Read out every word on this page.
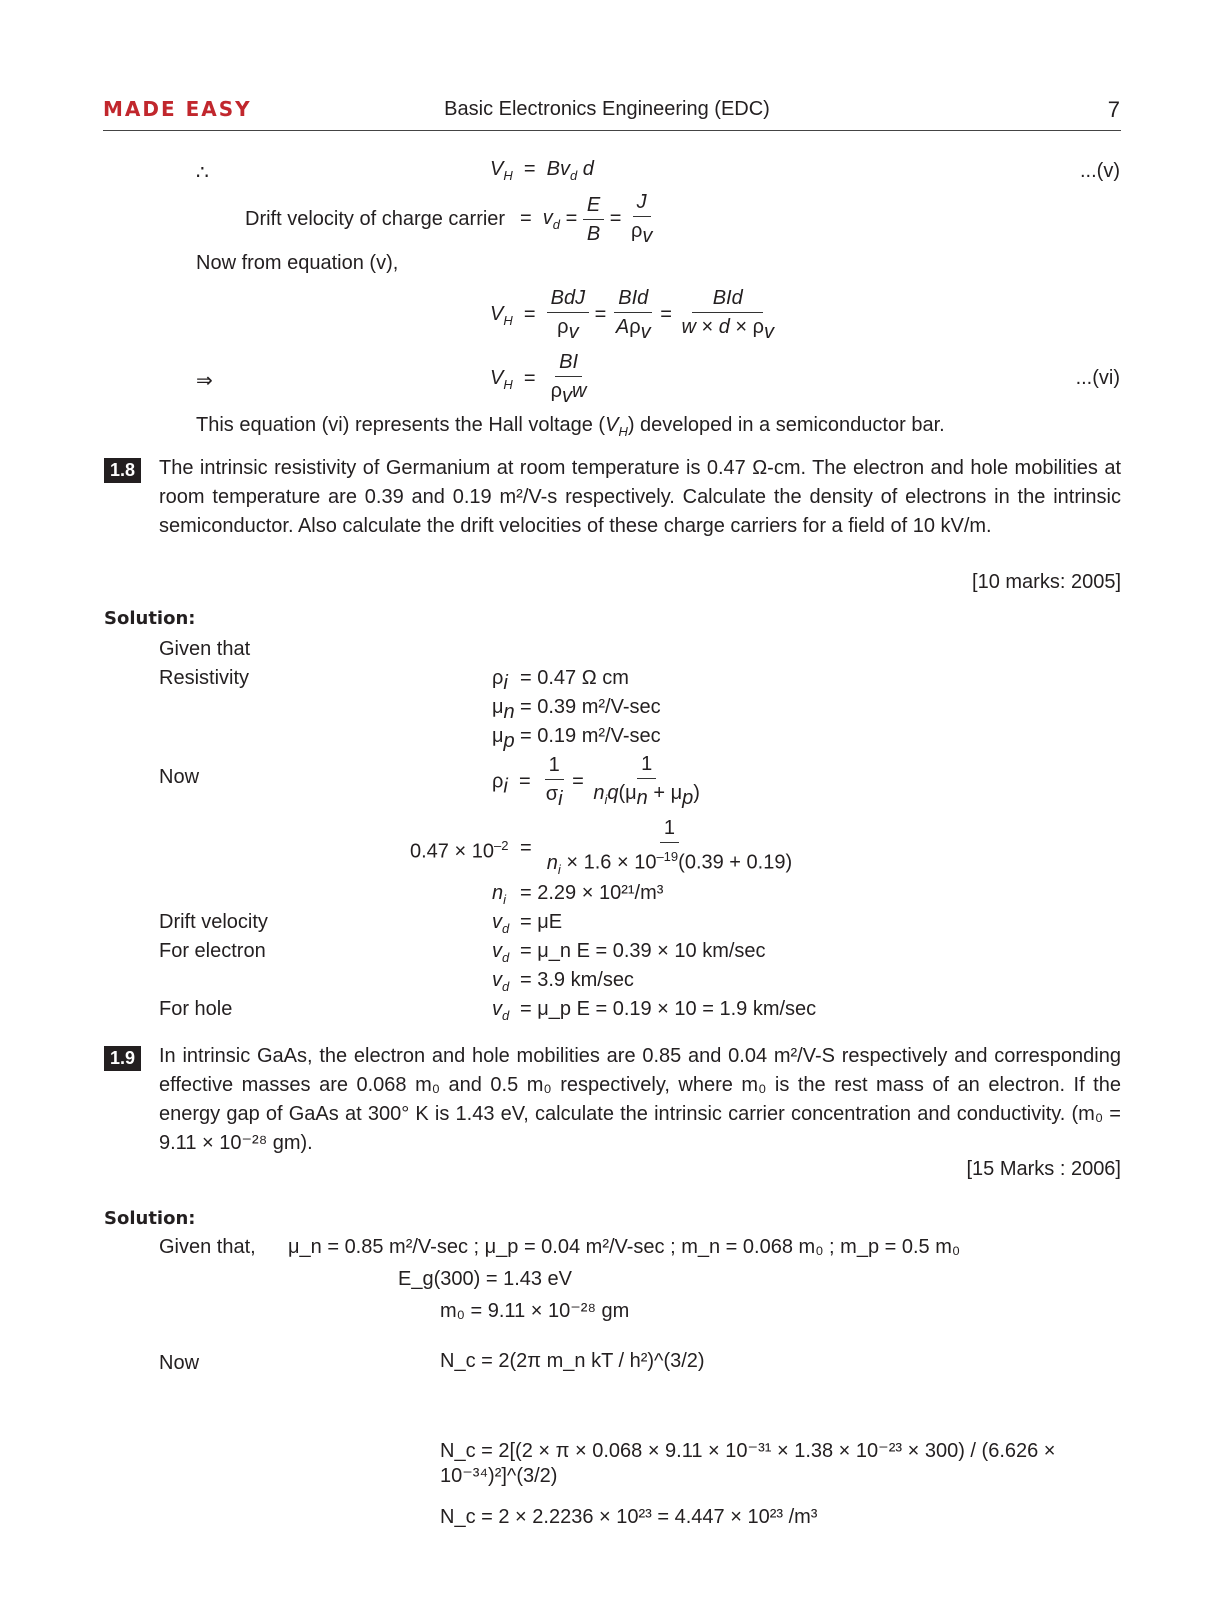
MADE EASY	Basic Electronics Engineering (EDC)	7
∴	$V_H = Bv_d$ d	...(v)
Drift velocity of charge carrier =  $v_d = \frac{E}{B} = \frac{J}{\rho_v}$
Now from equation (v),
$V_H = \frac{\text{BdJ}}{\rho_v} = \frac{\text{BId}}{A\rho_v} = \frac{\text{BId}}{w \times d \times \rho_v}$
⇒	$V_H = \frac{BI}{\rho_vw}$	...(vi)
This equation (vi) represents the Hall voltage $(V_H)$ developed in a semiconductor bar.
1.8	The intrinsic resistivity of Germanium at room temperature is 0.47 Ω-cm. The electron and hole mobilities at room temperature are 0.39 and 0.19 m²/V-s respectively. Calculate the density of electrons in the intrinsic semiconductor. Also calculate the drift velocities of these charge carriers for a field of 10 kV/m.
[10 marks: 2005]
Solution:
Given that
Resistivity	$\rho_i = 0.47$ Ω cm
$\mu_n = 0.39$ m²/V-sec
$\mu_p = 0.19$ m²/V-sec
Now	$\rho_i = \frac{1}{\sigma_i} = \frac{1}{n_iq(\mu_n + \mu_p)}$
$0.47 \times 10^{-2} = \frac{1}{n_i \times 1.6 \times 10^{-19}(0.39 + 0.19)}$
$n_i = 2.29 \times 10^{21}/m^3$
Drift velocity	$v_d = \mu E$
For electron	$v_d$ = μ_n E = 0.39 × 10 km/sec
$v_d = 3.9$ km/sec
For hole	$v_d$ = μ_p E = 0.19 × 10 = 1.9 km/sec
1.9	In intrinsic GaAs, the electron and hole mobilities are 0.85 and 0.04 m²/V-S respectively and corresponding effective masses are 0.068 m₀ and 0.5 m₀ respectively, where m₀ is the rest mass of an electron. If the energy gap of GaAs at 300° K is 1.43 eV, calculate the intrinsic carrier concentration and conductivity. (m₀ = 9.11 × 10⁻²⁸ gm).
[15 Marks : 2006]
Solution:
Given that, μ_n = 0.85 m²/V-sec ; μ_p = 0.04 m²/V-sec ; m_n = 0.068 m₀ ; m_p = 0.5 m₀
E_g(300) = 1.43 eV
m₀ = 9.11 × 10⁻²⁸ gm
Now	N_c = 2(2π m_n kT / h²)^(3/2)
N_c = 2[(2 × π × 0.068 × 9.11 × 10⁻³¹ × 1.38 × 10⁻²³ × 300) / (6.626 × 10⁻³⁴)²]^(3/2)
N_c = 2 × 2.2236 × 10²³ = 4.447 × 10²³ /m³
